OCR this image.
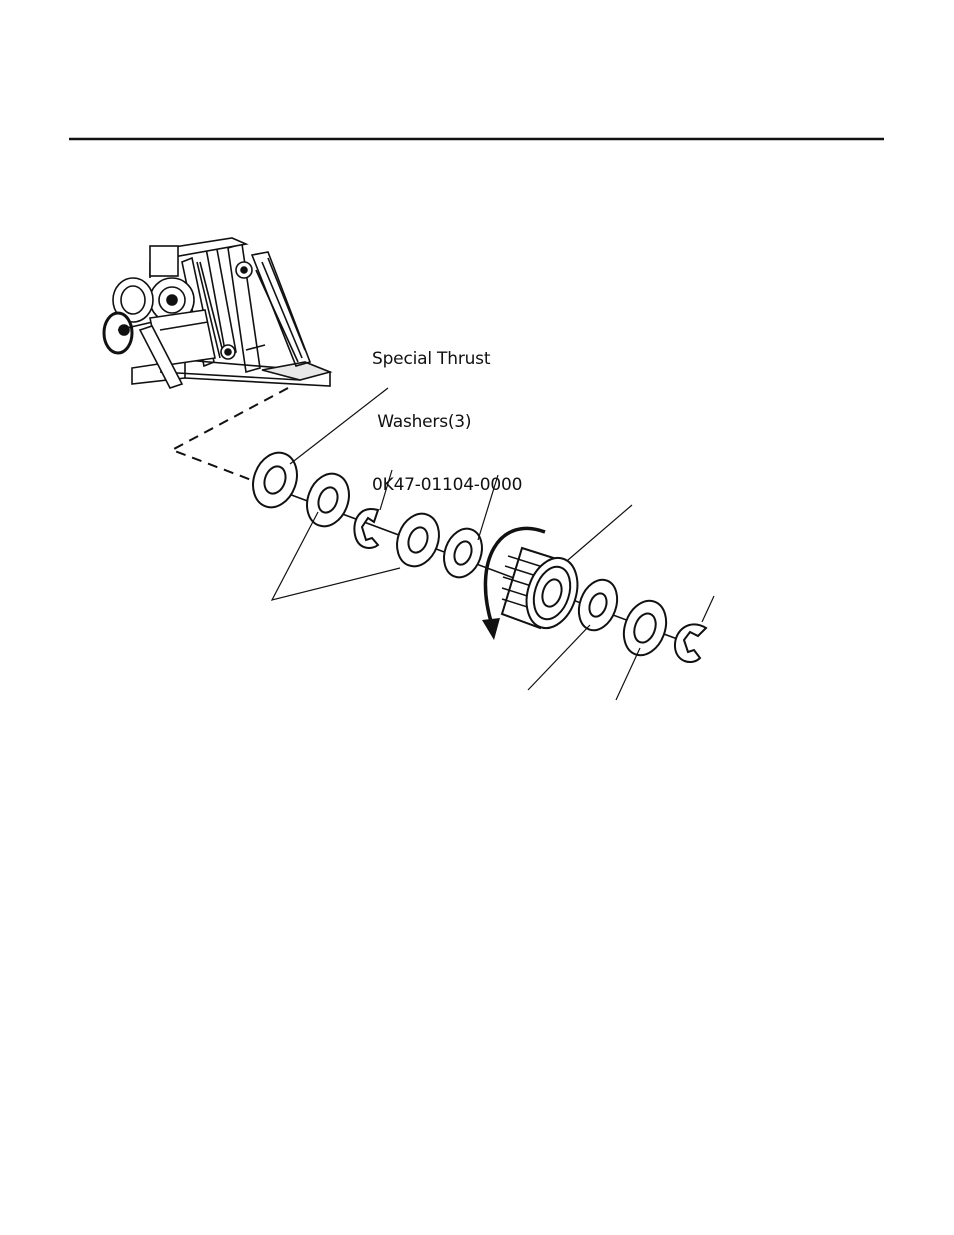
Special Thrust

Washers(3)

0K47-01104-0000
